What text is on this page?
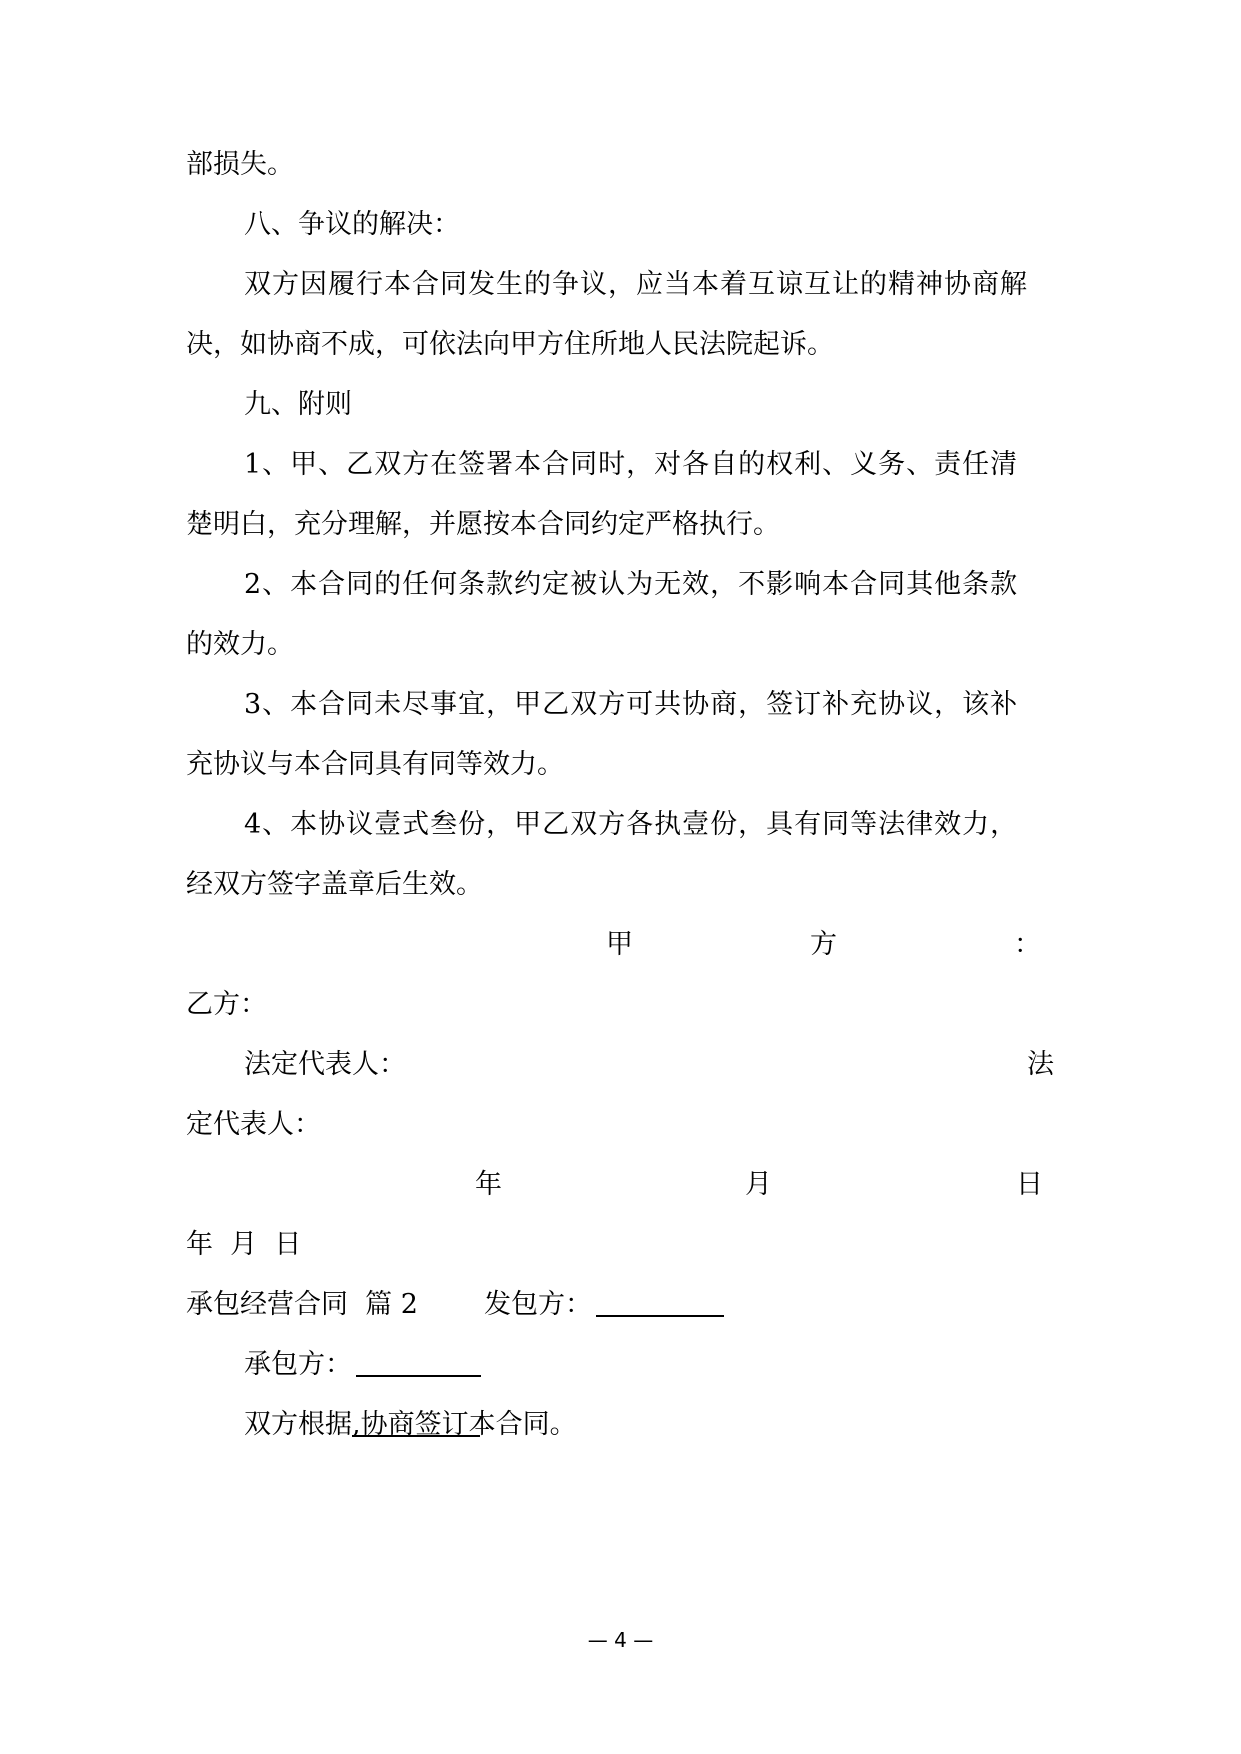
部损失。
八、争议的解决：
双方因履行本合同发生的争议，应当本着互谅互让的精神协商解
决，如协商不成，可依法向甲方住所地人民法院起诉。
九、附则
1、甲、乙双方在签署本合同时，对各自的权利、义务、责任清
楚明白，充分理解，并愿按本合同约定严格执行。
2、本合同的任何条款约定被认为无效，不影响本合同其他条款
的效力。
3、本合同未尽事宜，甲乙双方可共协商，签订补充协议，该补
充协议与本合同具有同等效力。
4、本协议壹式叁份，甲乙双方各执壹份，具有同等法律效力，
经双方签字盖章后生效。
甲	方	：
乙方：
法定代表人：	法
定代表人：
年	月	日
年  月  日
承包经营合同  篇 2 发包方：
承包方：
双方根据
,协商签订本合同。
— 4 —
